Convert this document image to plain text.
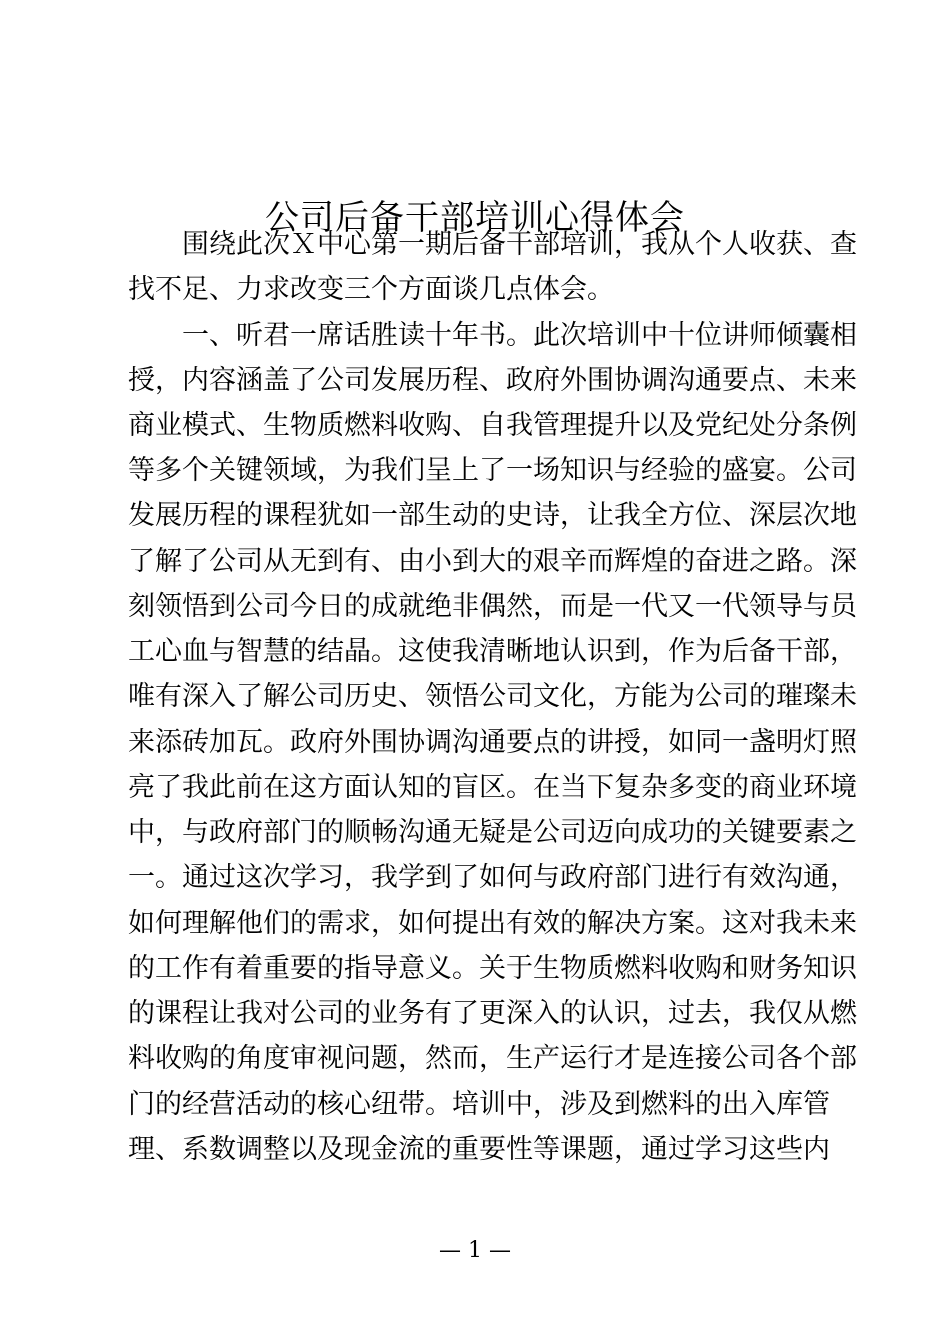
公司后备干部培训心得体会
围绕此次Ｘ中心第一期后备干部培训，我从个人收获、查
找不足、力求改变三个方面谈几点体会。
一、听君一席话胜读十年书。此次培训中十位讲师倾囊相
授，内容涵盖了公司发展历程、政府外围协调沟通要点、未来
商业模式、生物质燃料收购、自我管理提升以及党纪处分条例
等多个关键领域，为我们呈上了一场知识与经验的盛宴。公司
发展历程的课程犹如一部生动的史诗，让我全方位、深层次地
了解了公司从无到有、由小到大的艰辛而辉煌的奋进之路。深
刻领悟到公司今日的成就绝非偶然，而是一代又一代领导与员
工心血与智慧的结晶。这使我清晰地认识到，作为后备干部，
唯有深入了解公司历史、领悟公司文化，方能为公司的璀璨未
来添砖加瓦。政府外围协调沟通要点的讲授，如同一盏明灯照
亮了我此前在这方面认知的盲区。在当下复杂多变的商业环境
中，与政府部门的顺畅沟通无疑是公司迈向成功的关键要素之
一。通过这次学习，我学到了如何与政府部门进行有效沟通，
如何理解他们的需求，如何提出有效的解决方案。这对我未来
的工作有着重要的指导意义。关于生物质燃料收购和财务知识
的课程让我对公司的业务有了更深入的认识，过去，我仅从燃
料收购的角度审视问题，然而，生产运行才是连接公司各个部
门的经营活动的核心纽带。培训中，涉及到燃料的出入库管
理、系数调整以及现金流的重要性等课题，通过学习这些内
— 1 —
